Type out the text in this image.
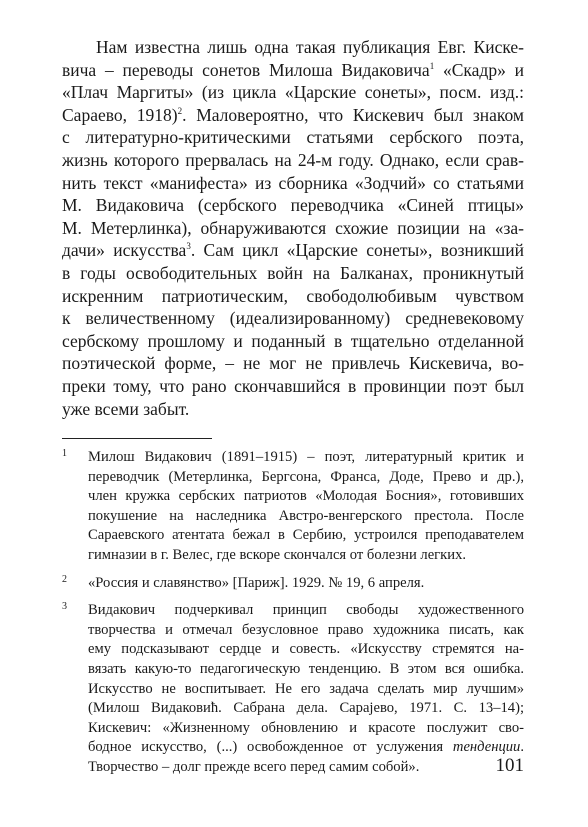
Нам известна лишь одна такая публикация Евг. Киске-
вича – переводы сонетов Милоша Видаковича$^1$ «Скадр» и
«Плач Маргиты» (из цикла «Царские сонеты», посм. изд.:
Сараево, 1918)$^2$. Маловероятно, что Кискевич был знаком
с литературно-критическими статьями сербского поэта,
жизнь которого прервалась на 24-м году. Однако, если срав-
нить текст «манифеста» из сборника «Зодчий» со статьями
М. Видаковича (сербского переводчика «Синей птицы»
М. Метерлинка), обнаруживаются схожие позиции на «за-
дачи» искусства$^3$. Сам цикл «Царские сонеты», возникший
в годы освободительных войн на Балканах, проникнутый
искренним патриотическим, свободолюбивым чувством
к величественному (идеализированному) средневековому
сербскому прошлому и поданный в тщательно отделанной
поэтической форме, – не мог не привлечь Кискевича, во-
преки тому, что рано скончавшийся в провинции поэт был
уже всеми забыт.
1 Милош Видакович (1891–1915) – поэт, литературный критик и
переводчик (Метерлинка, Бергсона, Франса, Доде, Прево и др.),
член кружка сербских патриотов «Молодая Босния», готовивших
покушение на наследника Австро-венгерского престола. После
Сараевского атентата бежал в Сербию, устроился преподавателем
гимназии в г. Велес, где вскоре скончался от болезни легких.
2 «Россия и славянство» [Париж]. 1929. № 19, 6 апреля.
3 Видакович подчеркивал принцип свободы художественного
творчества и отмечал безусловное право художника писать, как
ему подсказывают сердце и совесть. «Искусству стремятся на-
вязать какую-то педагогическую тенденцию. В этом вся ошибка.
Искусство не воспитывает. Не его задача сделать мир лучшим»
(Милош Видаковић. Сабрана дела. Сарајево, 1971. С. 13–14);
Кискевич: «Жизненному обновлению и красоте послужит сво-
бодное искусство, (...) освобожденное от услужения тенденции.
Творчество – долг прежде всего перед самим собой».	101
